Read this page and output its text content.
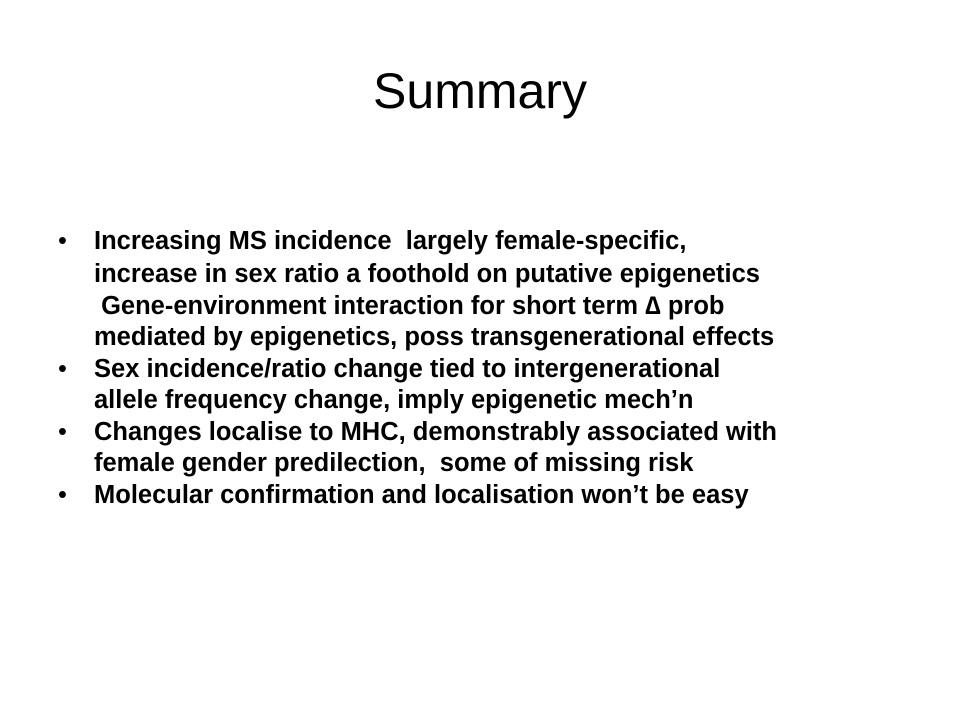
Summary
• Increasing MS incidence  largely female-specific,
increase in sex ratio a foothold on putative epigenetics
Gene-environment interaction for short term ∆ prob
mediated by epigenetics, poss transgenerational effects
• Sex incidence/ratio change tied to intergenerational
allele frequency change, imply epigenetic mech’n
• Changes localise to MHC, demonstrably associated with
female gender predilection,  some of missing risk
• Molecular confirmation and localisation won’t be easy
